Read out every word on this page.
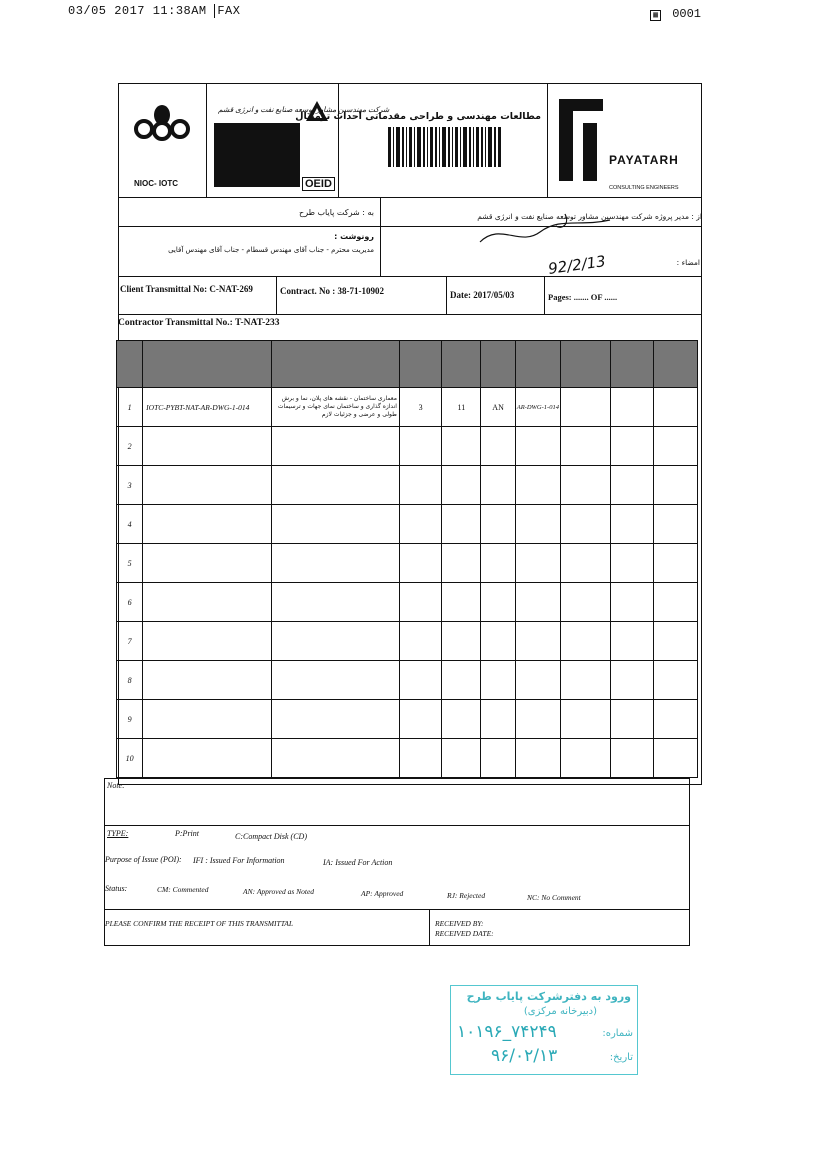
03/05 2017 11:38AM FAX	▦ 0001
NIOC- IOTC
شرکت مهندسین مشاور توسعه صنایع نفت و انرژی قشم
OEID
مطالعات مهندسی و طراحی مقدماتی احداث ترمینال
PAYATARH
CONSULTING ENGINEERS
به : شرکت پایاب طرح	از : مدیر پروژه شرکت مهندسین مشاور توسعه صنایع نفت و انرژی قشم
رونوشت :
مدیریت محترم - جناب آقای مهندس قسطام - جناب آقای مهندس آقایی
امضاء :
92/2/13
Client Transmittal No: C-NAT-269	Contract. No : 38-71-10902	Date: 2017/05/03	Pages: ....... OF ......
Contractor Transmittal No.: T-NAT-233

1	IOTC-PYBT-NAT-AR-DWG-1-014	معماری ساختمان - نقشه های پلان، نما و برش اندازه گذاری و ساختمان نمای جهات و ترسیمات طولی و عرضی و جزئیات لازم	3	11	AN	AR-DWG-1-014			
2									
3									
4									
5									
6									
7									
8									
9									
10									
Note:
TYPE:	P:Print	C:Compact Disk (CD)
Purpose of Issue (POI): IFI : Issued For Information	IA: Issued For Action
Status:	CM: Commented	AN: Approved as Noted	AP: Approved	RJ: Rejected	NC: No Comment
PLEASE CONFIRM THE RECEIPT OF THIS TRANSMITTAL	RECEIVED BY:
RECEIVED DATE:
ورود به دفترشرکت پایاب طرح
(دبیرخانه مرکزی)
شماره:
۱۰۱۹۶_۷۴۲۴۹
تاریخ:
۹۶/۰۲/۱۳
